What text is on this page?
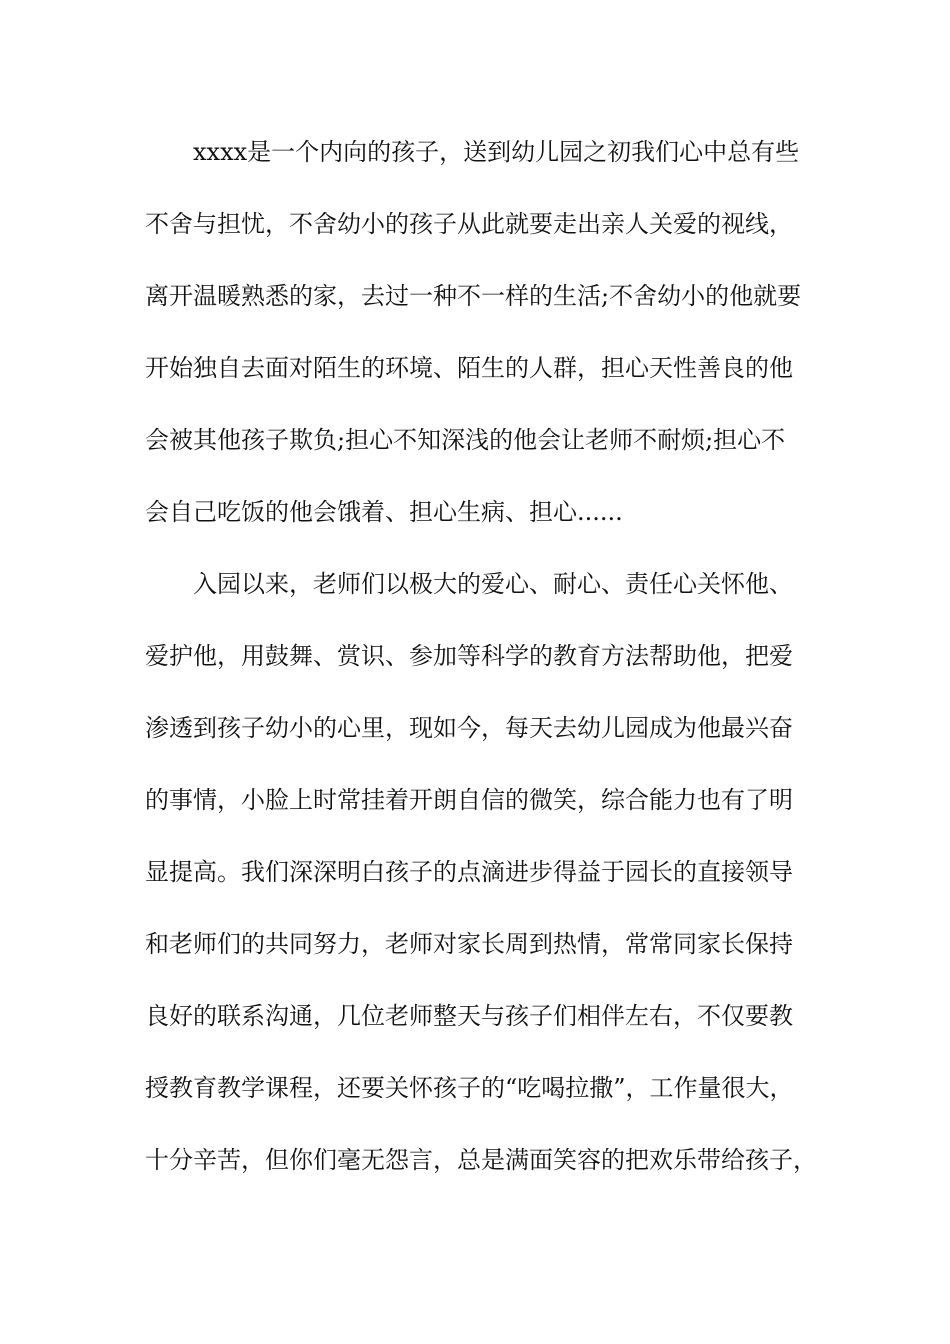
xxxx是一个内向的孩子，送到幼儿园之初我们心中总有些
不舍与担忧，不舍幼小的孩子从此就要走出亲人关爱的视线，
离开温暖熟悉的家，去过一种不一样的生活;不舍幼小的他就要
开始独自去面对陌生的环境、陌生的人群，担心天性善良的他
会被其他孩子欺负;担心不知深浅的他会让老师不耐烦;担心不
会自己吃饭的他会饿着、担心生病、担心......
入园以来，老师们以极大的爱心、耐心、责任心关怀他、
爱护他，用鼓舞、赏识、参加等科学的教育方法帮助他，把爱
渗透到孩子幼小的心里，现如今，每天去幼儿园成为他最兴奋
的事情，小脸上时常挂着开朗自信的微笑，综合能力也有了明
显提高。我们深深明白孩子的点滴进步得益于园长的直接领导
和老师们的共同努力，老师对家长周到热情，常常同家长保持
良好的联系沟通，几位老师整天与孩子们相伴左右，不仅要教
授教育教学课程，还要关怀孩子的“吃喝拉撒”，工作量很大，
十分辛苦，但你们毫无怨言，总是满面笑容的把欢乐带给孩子，
